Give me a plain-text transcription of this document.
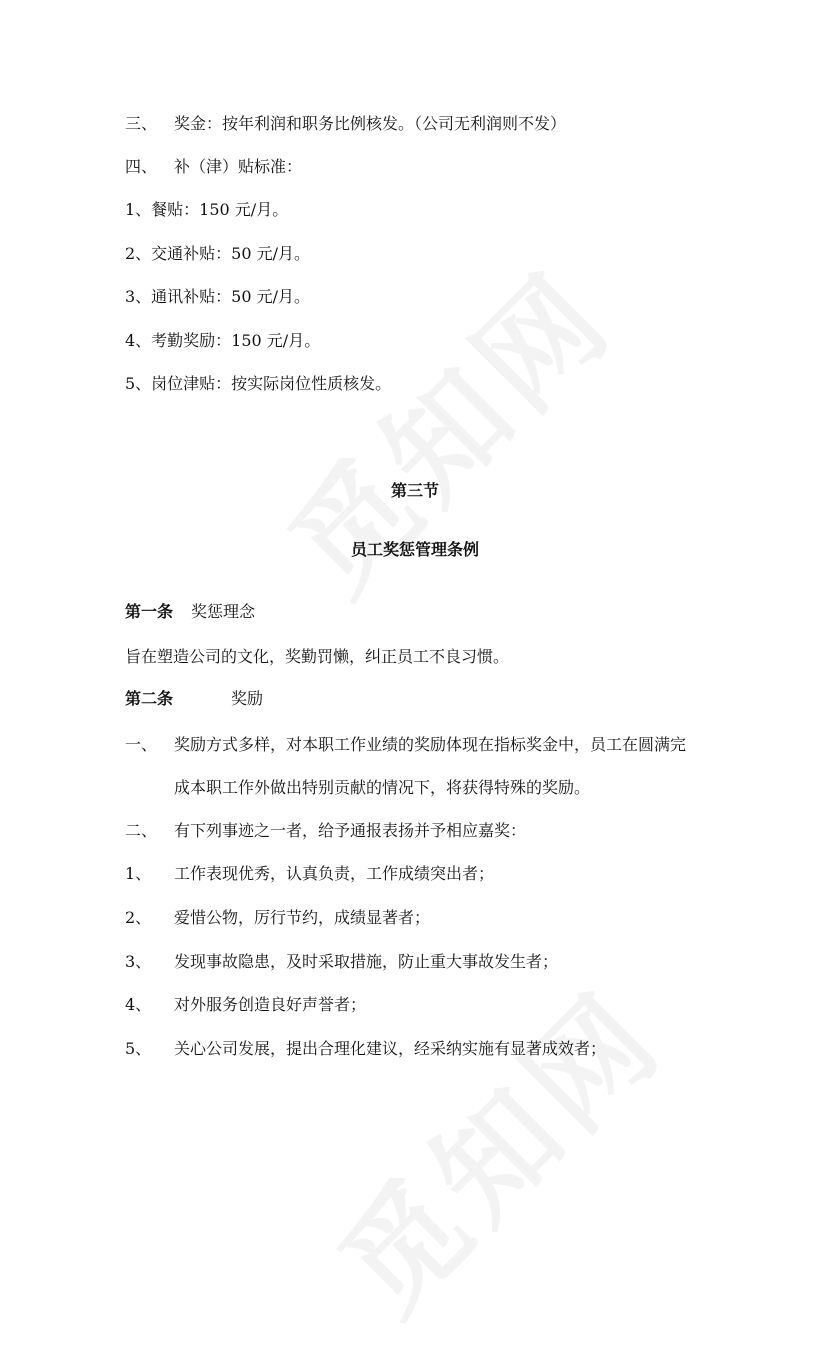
三、 奖金：按年利润和职务比例核发。（公司无利润则不发）
四、 补（津）贴标准：
1、餐贴：150 元/月。
2、交通补贴：50 元/月。
3、通讯补贴：50 元/月。
4、考勤奖励：150 元/月。
5、岗位津贴：按实际岗位性质核发。
第三节
员工奖惩管理条例
第一条 奖惩理念
旨在塑造公司的文化，奖勤罚懒，纠正员工不良习惯。
第二条	奖励
一、 奖励方式多样，对本职工作业绩的奖励体现在指标奖金中，员工在圆满完
成本职工作外做出特别贡献的情况下，将获得特殊的奖励。
二、 有下列事迹之一者，给予通报表扬并予相应嘉奖：
1、 工作表现优秀，认真负责，工作成绩突出者；
2、 爱惜公物，厉行节约，成绩显著者；
3、 发现事故隐患，及时采取措施，防止重大事故发生者；
4、 对外服务创造良好声誉者；
5、 关心公司发展，提出合理化建议，经采纳实施有显著成效者；
